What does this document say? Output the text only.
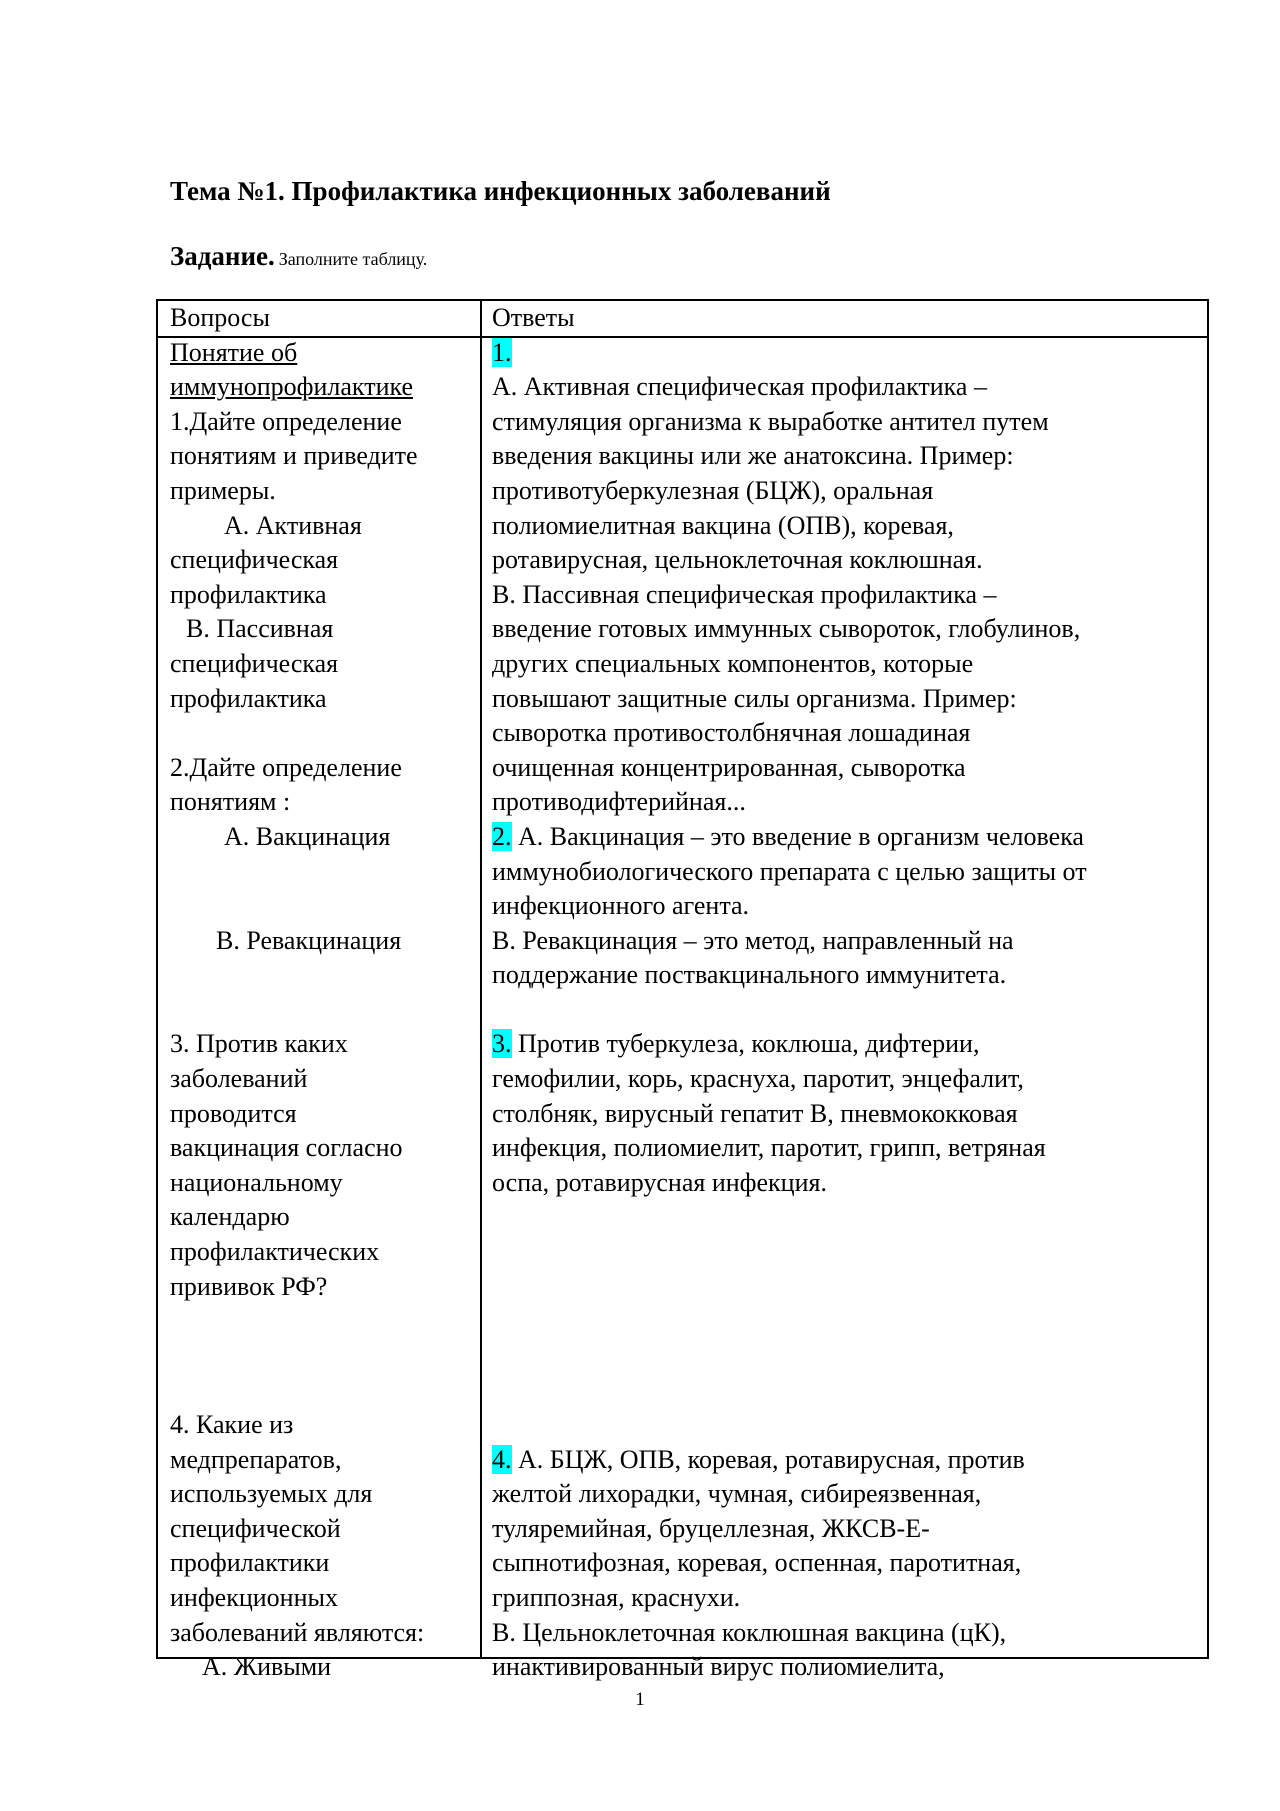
Тема №1. Профилактика инфекционных заболеваний
Задание. Заполните таблицу.
Вопросы
Понятие об
иммунопрофилактике
1.Дайте определение
понятиям и приведите
примеры.
А. Активная
специфическая
профилактика
В. Пассивная
специфическая
профилактика
2.Дайте определение
понятиям :
А. Вакцинация
В. Ревакцинация
3. Против каких
заболеваний
проводится
вакцинация согласно
национальному
календарю
профилактических
прививок РФ?
4. Какие из
медпрепаратов,
используемых для
специфической
профилактики
инфекционных
заболеваний являются:
А. Живыми
Ответы
1.
А. Активная специфическая профилактика –
стимуляция организма к выработке антител путем
введения вакцины или же анатоксина. Пример:
противотуберкулезная (БЦЖ), оральная
полиомиелитная вакцина (ОПВ), коревая,
ротавирусная, цельноклеточная коклюшная.
В. Пассивная специфическая профилактика –
введение готовых иммунных сывороток, глобулинов,
других специальных компонентов, которые
повышают защитные силы организма. Пример:
сыворотка противостолбнячная лошадиная
очищенная концентрированная, сыворотка
противодифтерийная...
2. А. Вакцинация – это введение в организм человека
иммунобиологического препарата с целью защиты от
инфекционного агента.
В. Ревакцинация – это метод, направленный на
поддержание поствакцинального иммунитета.
3. Против туберкулеза, коклюша, дифтерии,
гемофилии, корь, краснуха, паротит, энцефалит,
столбняк, вирусный гепатит В, пневмококковая
инфекция, полиомиелит, паротит, грипп, ветряная
оспа, ротавирусная инфекция.
4. А. БЦЖ, ОПВ, коревая, ротавирусная, против
желтой лихорадки, чумная, сибиреязвенная,
туляремийная, бруцеллезная, ЖКСВ-Е-
сыпнотифозная, коревая, оспенная, паротитная,
гриппозная, краснухи.
В. Цельноклеточная коклюшная вакцина (цК),
инактивированный вирус полиомиелита,
1
